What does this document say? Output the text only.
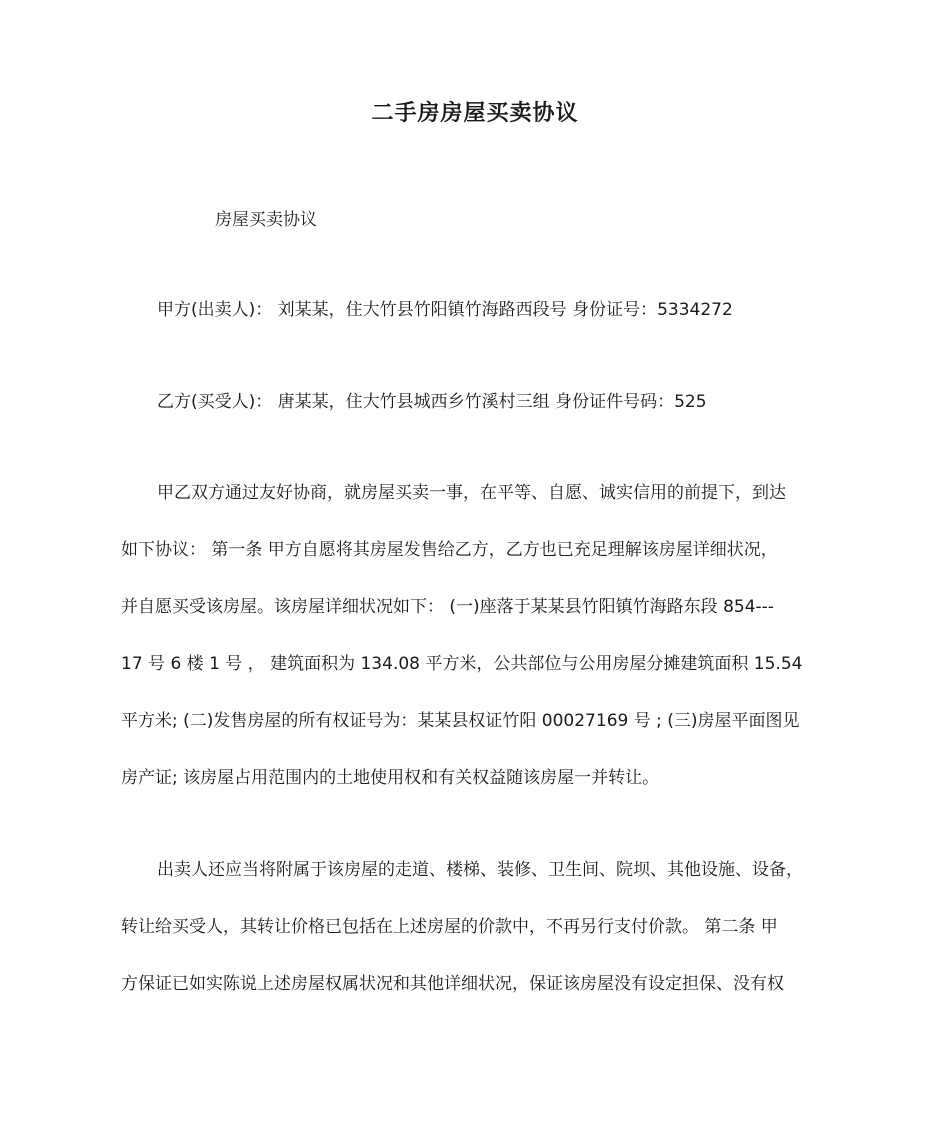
二手房房屋买卖协议
房屋买卖协议
甲方(出卖人)： 刘某某，住大竹县竹阳镇竹海路西段号 身份证号：5334272
乙方(买受人)： 唐某某，住大竹县城西乡竹溪村三组 身份证件号码：525
甲乙双方通过友好协商，就房屋买卖一事，在平等、自愿、诚实信用的前提下，到达
如下协议： 第一条 甲方自愿将其房屋发售给乙方，乙方也已充足理解该房屋详细状况，
并自愿买受该房屋。该房屋详细状况如下： (一)座落于某某县竹阳镇竹海路东段 854---
17 号 6 楼 1 号 ， 建筑面积为 134.08 平方米，公共部位与公用房屋分摊建筑面积 15.54
平方米; (二)发售房屋的所有权证号为：某某县权证竹阳 00027169 号 ; (三)房屋平面图见
房产证; 该房屋占用范围内的土地使用权和有关权益随该房屋一并转让。
出卖人还应当将附属于该房屋的走道、楼梯、装修、卫生间、院坝、其他设施、设备，
转让给买受人，其转让价格已包括在上述房屋的价款中，不再另行支付价款。 第二条 甲
方保证已如实陈说上述房屋权属状况和其他详细状况，保证该房屋没有设定担保、没有权
